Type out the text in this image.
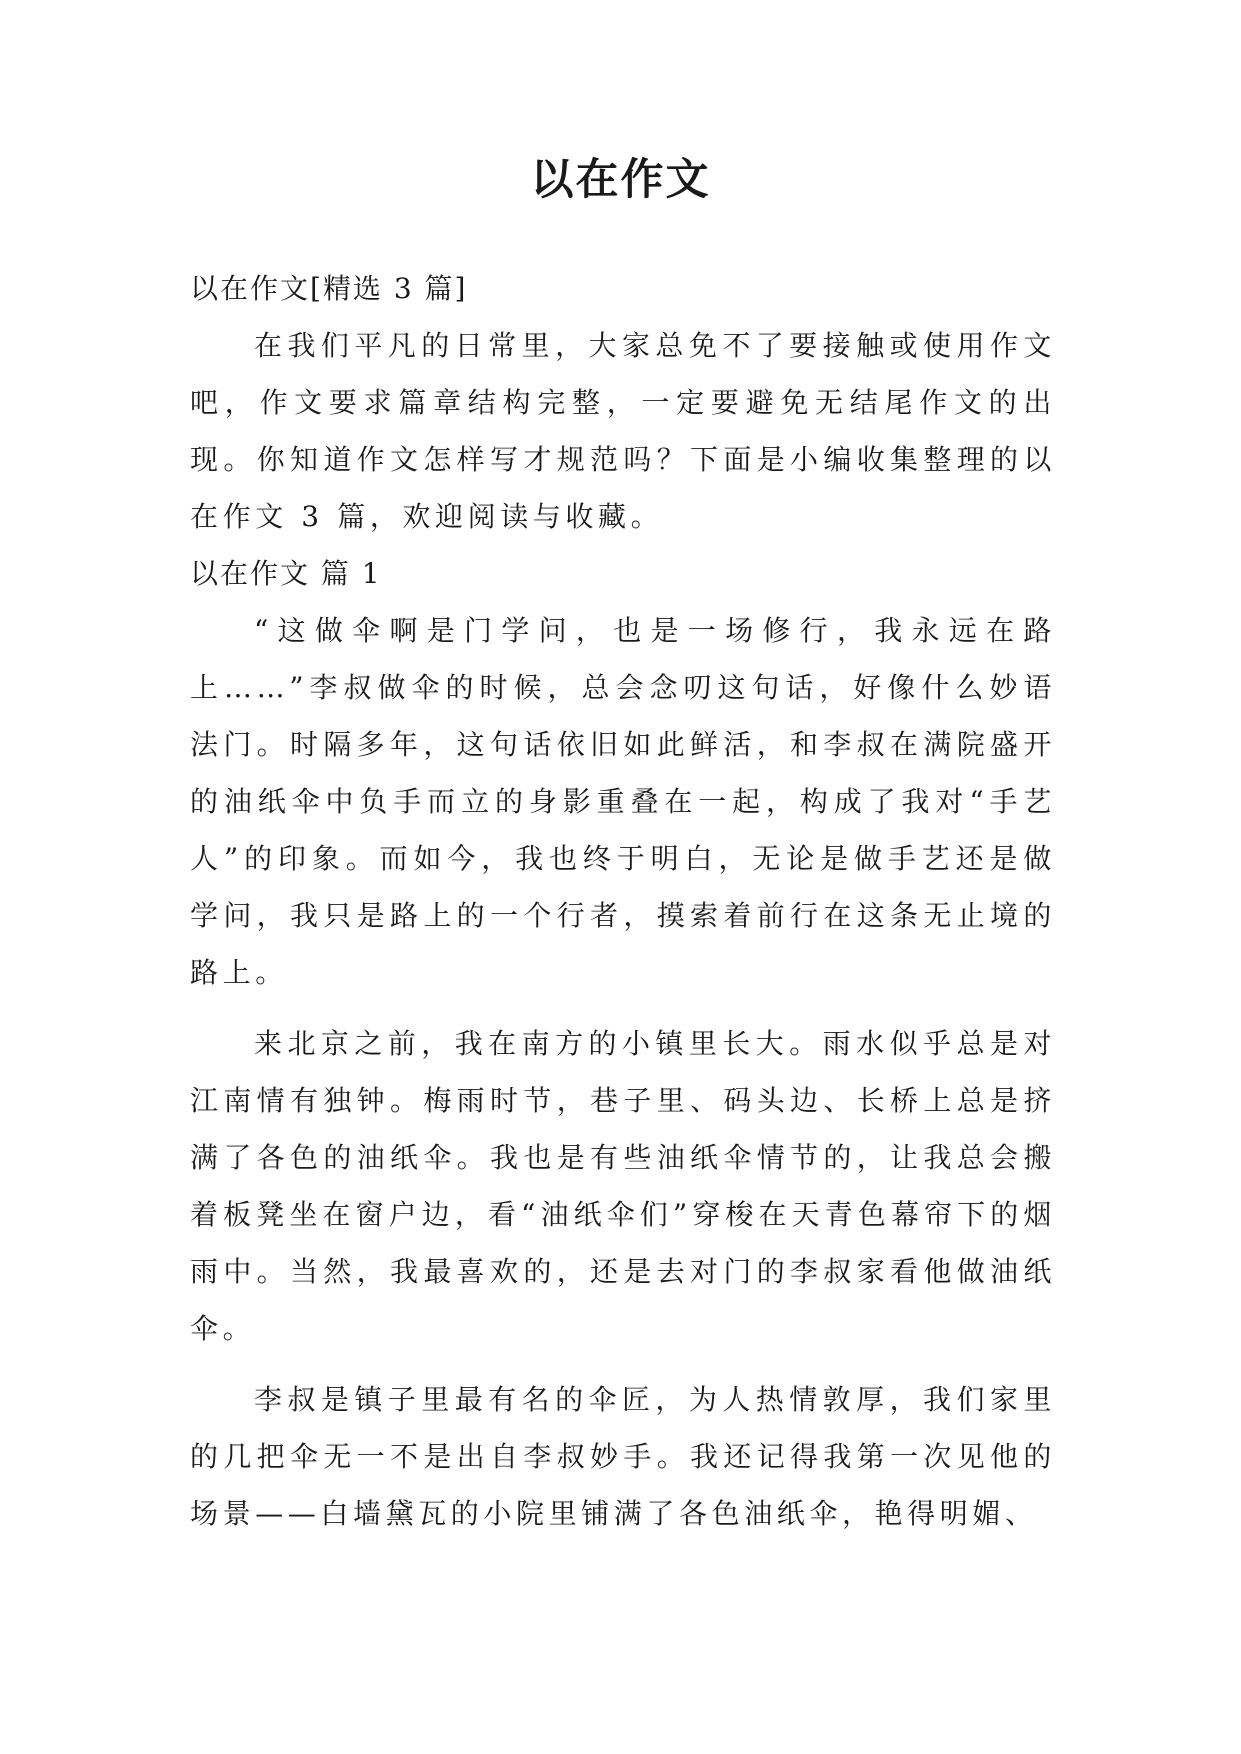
以在作文

以在作文[精选 3 篇]

在我们平凡的日常里，大家总免不了要接触或使用作文吧，作文要求篇章结构完整，一定要避免无结尾作文的出现。你知道作文怎样写才规范吗？下面是小编收集整理的以在作文 3 篇，欢迎阅读与收藏。

以在作文 篇 1

“这做伞啊是门学问，也是一场修行，我永远在路上……”李叔做伞的时候，总会念叨这句话，好像什么妙语法门。时隔多年，这句话依旧如此鲜活，和李叔在满院盛开的油纸伞中负手而立的身影重叠在一起，构成了我对“手艺人”的印象。而如今，我也终于明白，无论是做手艺还是做学问，我只是路上的一个行者，摸索着前行在这条无止境的路上。

来北京之前，我在南方的小镇里长大。雨水似乎总是对江南情有独钟。梅雨时节，巷子里、码头边、长桥上总是挤满了各色的油纸伞。我也是有些油纸伞情节的，让我总会搬着板凳坐在窗户边，看“油纸伞们”穿梭在天青色幕帘下的烟雨中。当然，我最喜欢的，还是去对门的李叔家看他做油纸伞。

李叔是镇子里最有名的伞匠，为人热情敦厚，我们家里的几把伞无一不是出自李叔妙手。我还记得我第一次见他的场景——白墙黛瓦的小院里铺满了各色油纸伞，艳得明媚、
